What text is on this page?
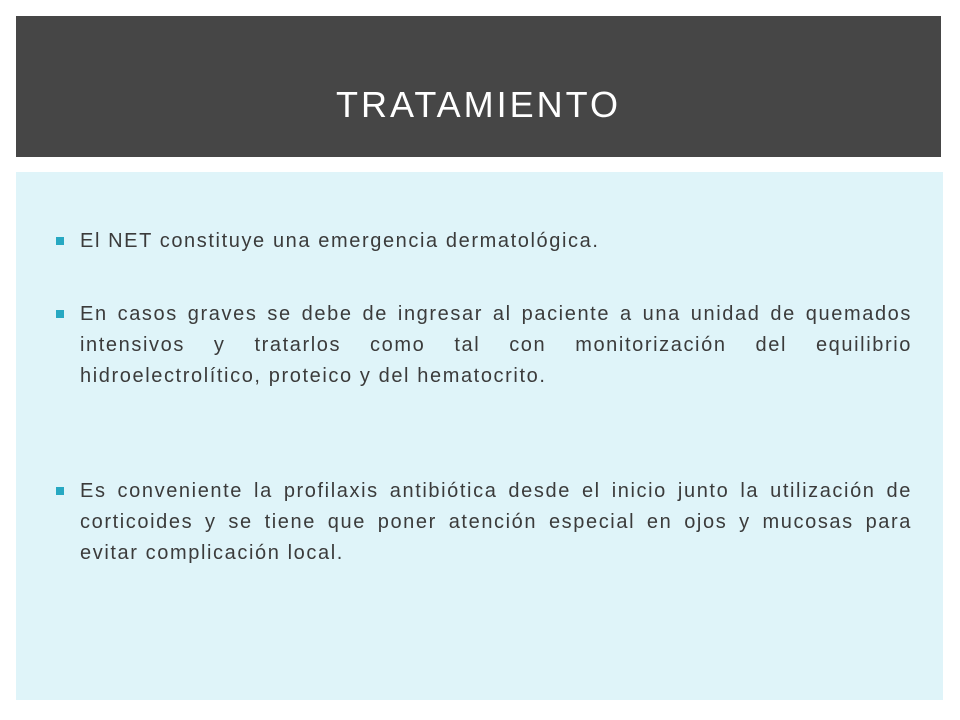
TRATAMIENTO
El NET constituye una emergencia dermatológica.
En casos graves se debe de ingresar al paciente a una unidad de quemados intensivos y tratarlos como tal con monitorización del equilibrio hidroelectrolítico, proteico y del hematocrito.
Es conveniente la profilaxis antibiótica desde el inicio junto la utilización de corticoides y se tiene que poner atención especial en ojos y mucosas para evitar complicación local.
